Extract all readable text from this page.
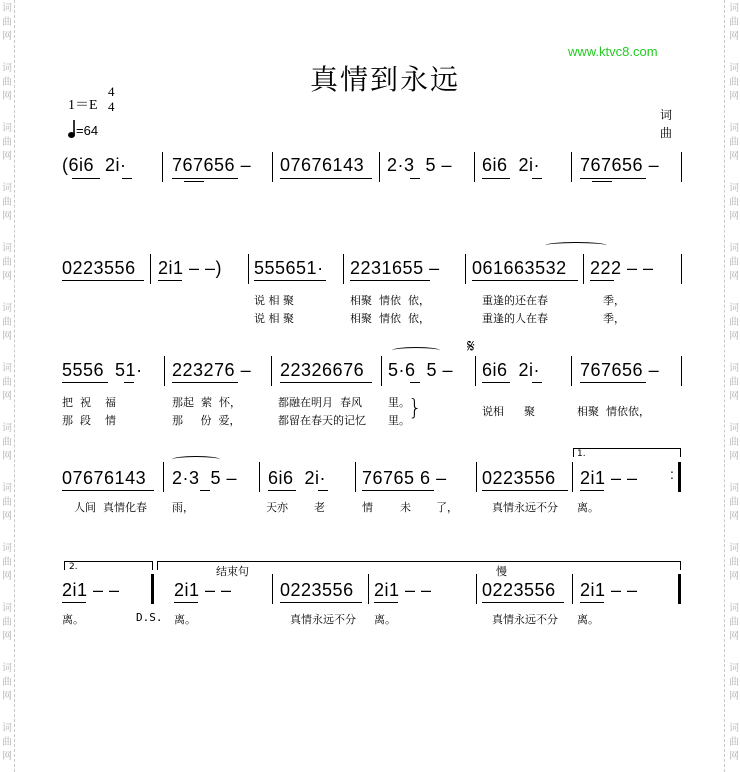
词
曲
网
词
曲
网
词
曲
网
词
曲
网
词
曲
网
词
曲
网
词
曲
网
词
曲
网
词
曲
网
词
曲
网
词
曲
网
词
曲
网
词
曲
网
词
曲
网
词
曲
网
词
曲
网
词
曲
网
词
曲
网
词
曲
网
词
曲
网
词
曲
网
词
曲
网
词
曲
网
词
曲
网
词
曲
网
词
曲
网
真情到永远
www.ktvc8.com
1＝E
4
4
=64
词
曲
(6i6  2i·	767656 – 07676143 2·3  5 – 6i6  2i· 767656 –
0223556 2i1 – –) 555651· 2231655 – 061663532 222 – –
说 相 聚	相聚  情依  依，	重逢的还在春	季，
说 相 聚	相聚  情依  依，	重逢的人在春	季，
5556  51· 223276 – 22326676 5·6  5 –
𝄋
6i6  2i· 767656 –
把  祝    福	那起  萦  怀，	都融在明月  春风 里。
那  段    情	那     份  爱，	都留在春天的记忆 里。
}	说相 聚	相聚  情依依，
1.
07676143 2·3  5 – 6i6  2i· 76765 6 – 0223556 2i1 – – :
人间  真情化春 雨，	天亦 老	情 未 了，	真情永远不分 离。
2.	结束句	慢
2i1 – –	2i1 – –	0223556 2i1 – –	0223556 2i1 – –
离。	D.S. 离。	真情永远不分 离。	真情永远不分 离。
